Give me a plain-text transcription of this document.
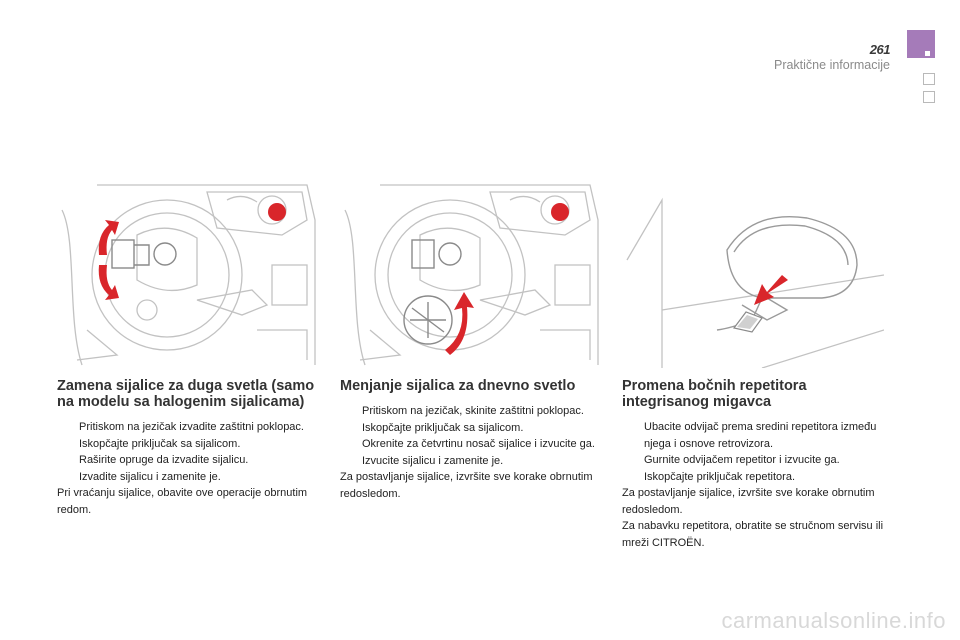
261
Praktične informacije
Zamena sijalice za duga svetla (samo na modelu sa halogenim sijalicama)
Pritiskom na jezičak izvadite zaštitni poklopac.
Iskopčajte priključak sa sijalicom.
Raširite opruge da izvadite sijalicu.
Izvadite sijalicu i zamenite je.

Pri vraćanju sijalice, obavite ove operacije obrnutim redom.

Menjanje sijalica za dnevno svetlo
Pritiskom na jezičak, skinite zaštitni poklopac.
Iskopčajte priključak sa sijalicom.
Okrenite za četvrtinu nosač sijalice i izvucite ga.
Izvucite sijalicu i zamenite je.

Za postavljanje sijalice, izvršite sve korake obrnutim redosledom.

Promena bočnih repetitora integrisanog migavca
Ubacite odvijač prema sredini repetitora između njega i osnove retrovizora.
Gurnite odvijačem repetitor i izvucite ga.
Iskopčajte priključak repetitora.

Za postavljanje sijalice, izvršite sve korake obrnutim redosledom.

Za nabavku repetitora, obratite se stručnom servisu ili mreži CITROËN.

carmanualsonline.info
